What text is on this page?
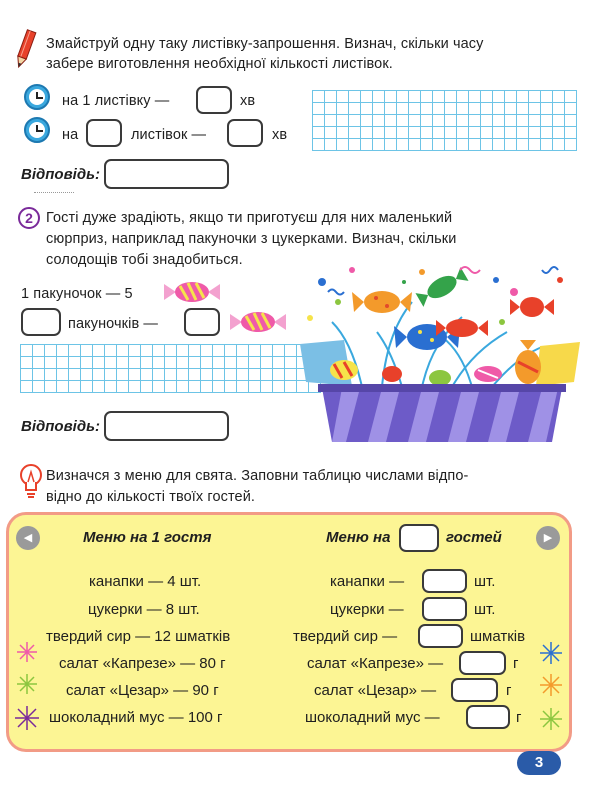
Змайструй одну таку листівку-запрошення. Визнач, скільки часу
забере виготовлення необхідної кількості листівок.
на 1 листівку —	хв
на	листівок —	хв
Відповідь:
2 Гості дуже зрадіють, якщо ти приготуєш для них маленький
сюрприз, наприклад пакуночки з цукерками. Визнач, скільки
солодощів тобі знадобиться.
1 пакуночок — 5
пакуночків —
Відповідь:
Визначся з меню для свята. Заповни таблицю числами відпо-
відно до кількості твоїх гостей.
◀	▶
Меню на 1 гостя	Меню на	гостей
канапки — 4 шт.
цукерки — 8 шт.
твердий сир — 12 шматків
салат «Капрезе» — 80 г
салат «Цезар» — 90 г
шоколадний мус — 100 г
канапки —	шт.
цукерки —	шт.
твердий сир —	шматків
салат «Капрезе» —	г
салат «Цезар» —	г
шоколадний мус —	г
3
